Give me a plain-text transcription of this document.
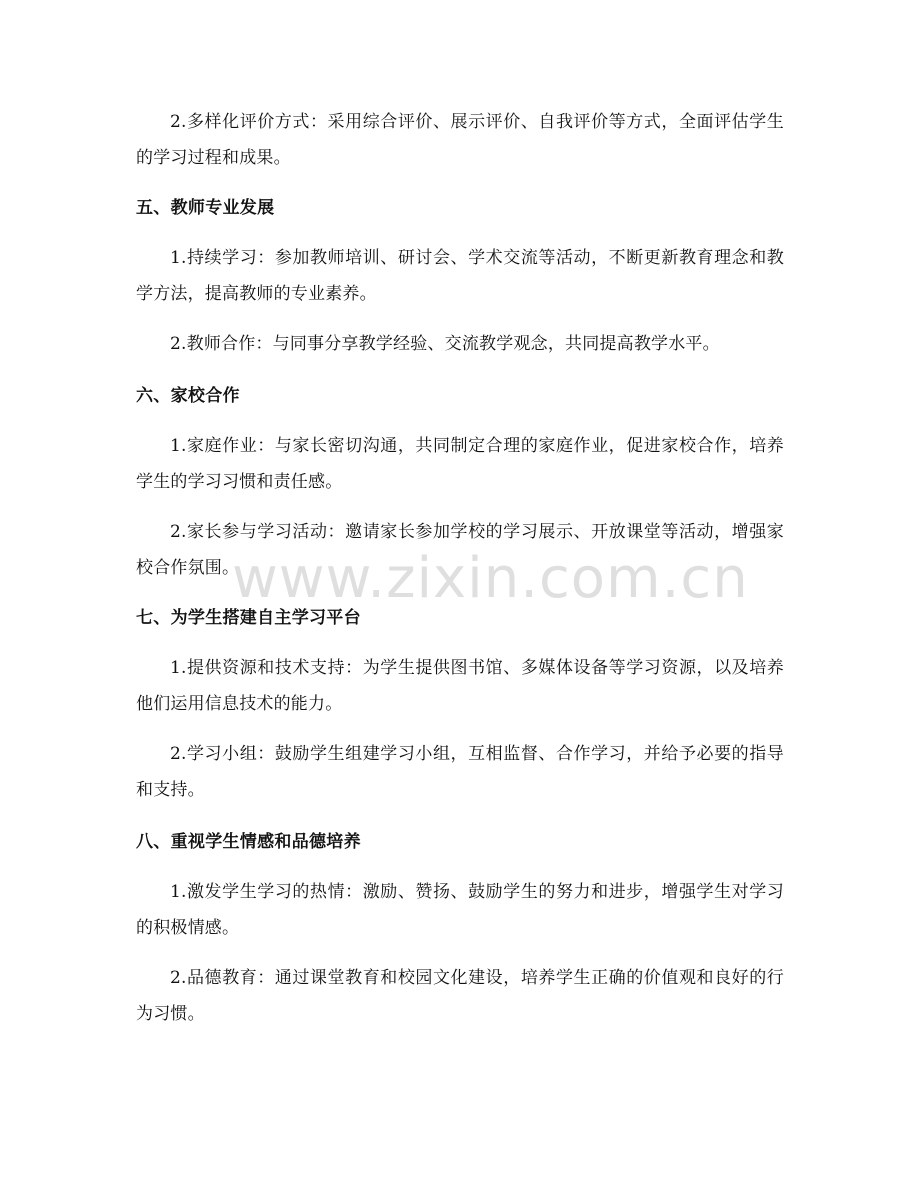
2.多样化评价方式：采用综合评价、展示评价、自我评价等方式，全面评估学生的学习过程和成果。

五、教师专业发展

1.持续学习：参加教师培训、研讨会、学术交流等活动，不断更新教育理念和教学方法，提高教师的专业素养。

2.教师合作：与同事分享教学经验、交流教学观念，共同提高教学水平。

六、家校合作

1.家庭作业：与家长密切沟通，共同制定合理的家庭作业，促进家校合作，培养学生的学习习惯和责任感。

2.家长参与学习活动：邀请家长参加学校的学习展示、开放课堂等活动，增强家校合作氛围。

七、为学生搭建自主学习平台

1.提供资源和技术支持：为学生提供图书馆、多媒体设备等学习资源，以及培养他们运用信息技术的能力。

2.学习小组：鼓励学生组建学习小组，互相监督、合作学习，并给予必要的指导和支持。

八、重视学生情感和品德培养

1.激发学生学习的热情：激励、赞扬、鼓励学生的努力和进步，增强学生对学习的积极情感。

2.品德教育：通过课堂教育和校园文化建设，培养学生正确的价值观和良好的行为习惯。

www.zixin.com.cn
